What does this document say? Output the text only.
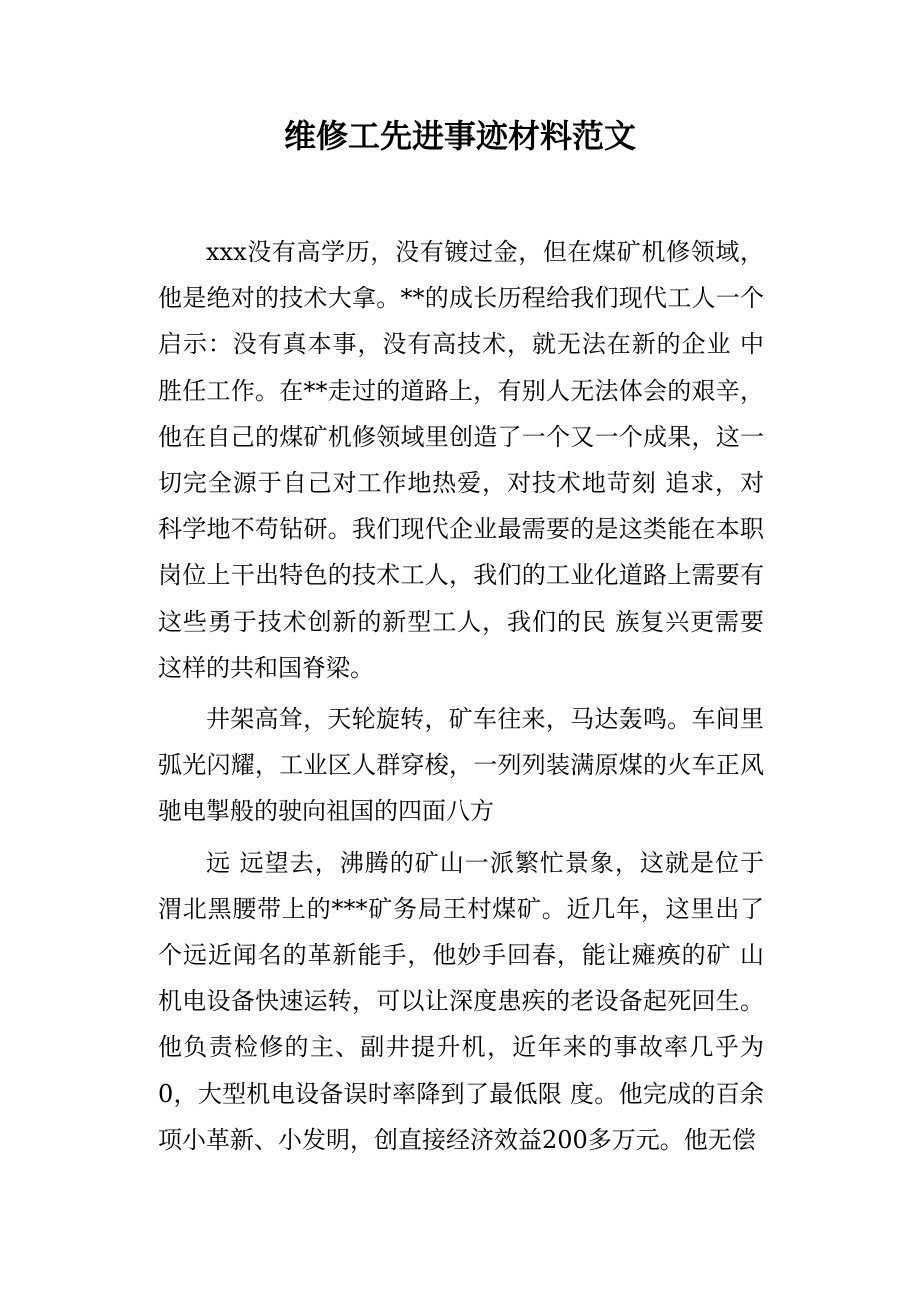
维修工先进事迹材料范文

xxx没有高学历，没有镀过金，但在煤矿机修领域，他是绝对的技术大拿。**的成长历程给我们现代工人一个启示：没有真本事，没有高技术，就无法在新的企业 中胜任工作。在**走过的道路上，有别人无法体会的艰辛，他在自己的煤矿机修领域里创造了一个又一个成果，这一切完全源于自己对工作地热爱，对技术地苛刻 追求，对科学地不苟钻研。我们现代企业最需要的是这类能在本职岗位上干出特色的技术工人，我们的工业化道路上需要有这些勇于技术创新的新型工人，我们的民 族复兴更需要这样的共和国脊梁。

井架高耸，天轮旋转，矿车往来，马达轰鸣。车间里弧光闪耀，工业区人群穿梭，一列列装满原煤的火车正风驰电掣般的驶向祖国的四面八方

远 远望去，沸腾的矿山一派繁忙景象，这就是位于渭北黑腰带上的***矿务局王村煤矿。近几年，这里出了个远近闻名的革新能手，他妙手回春，能让瘫痪的矿 山机电设备快速运转，可以让深度患疾的老设备起死回生。他负责检修的主、副井提升机，近年来的事故率几乎为0，大型机电设备误时率降到了最低限 度。他完成的百余项小革新、小发明，创直接经济效益200多万元。他无偿
